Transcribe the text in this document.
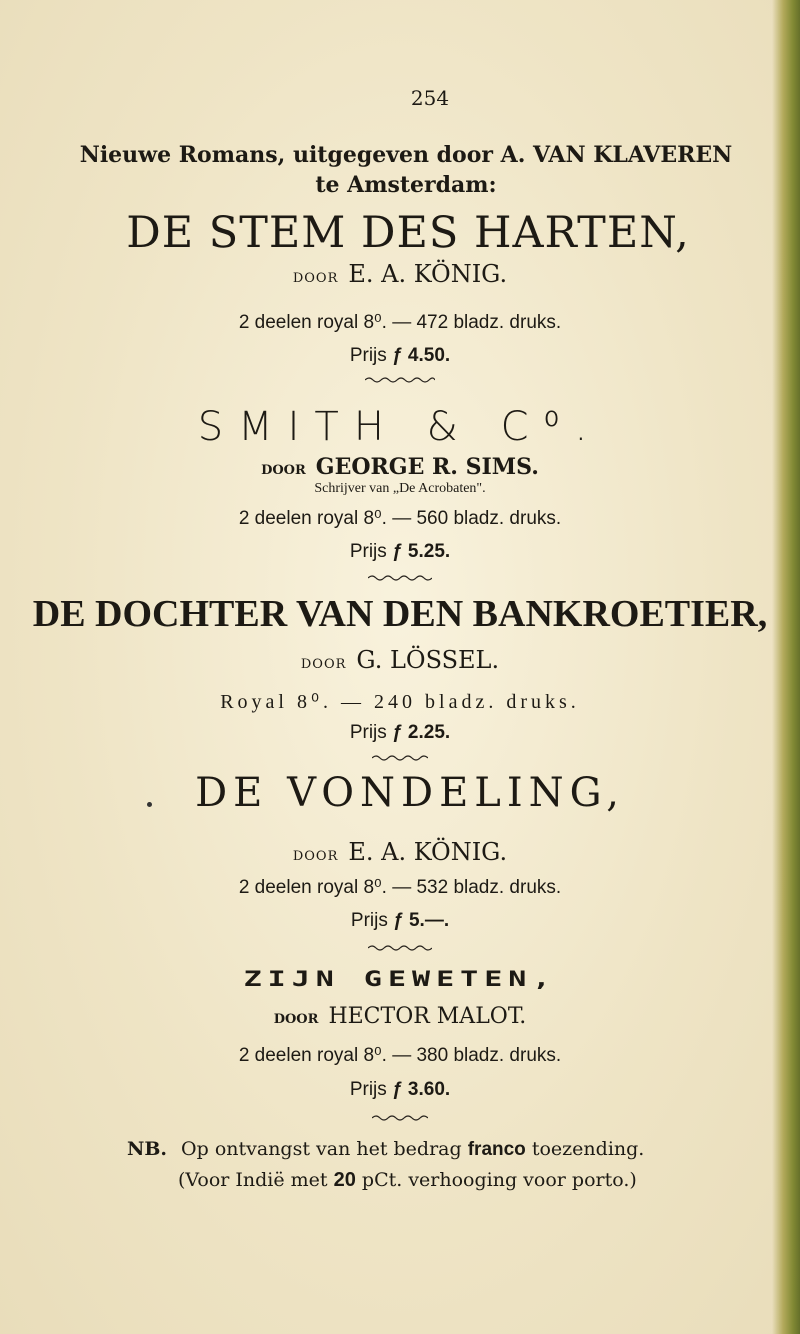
254
Nieuwe Romans, uitgegeven door A. VAN KLAVEREN
te Amsterdam:
DE STEM DES HARTEN,
DOOR E. A. KÖNIG.
2 deelen royal 8⁰. — 472 bladz. druks.
Prijs ƒ 4.50.
SMITH & C⁰.
DOOR GEORGE R. SIMS.
Schrijver van „De Acrobaten".
2 deelen royal 8⁰. — 560 bladz. druks.
Prijs ƒ 5.25.
DE DOCHTER VAN DEN BANKROETIER,
DOOR G. LÖSSEL.
Royal 8⁰. — 240 bladz. druks.
Prijs ƒ 2.25.
DE VONDELING,
DOOR E. A. KÖNIG.
2 deelen royal 8⁰. — 532 bladz. druks.
Prijs ƒ 5.—.
ZIJN GEWETEN,
DOOR HECTOR MALOT.
2 deelen royal 8⁰. — 380 bladz. druks.
Prijs ƒ 3.60.
NB. Op ontvangst van het bedrag franco toezending.
(Voor Indië met 20 pCt. verhooging voor porto.)
